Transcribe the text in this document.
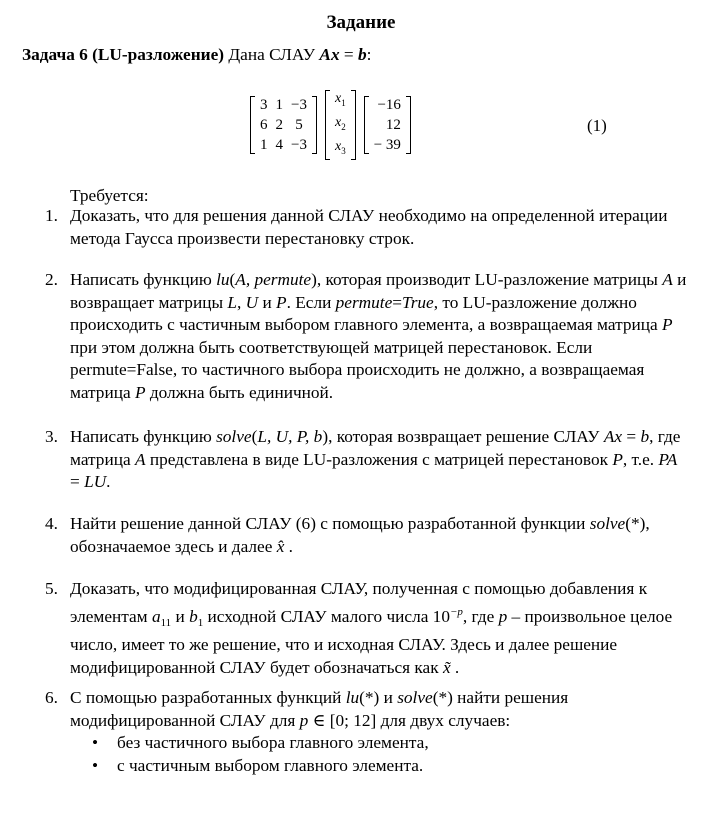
Задание
Задача 6 (LU-разложение) Дана СЛАУ Ax = b:
3	1	−3
6	2	5
1	4	−3
$x_1$
$x_2$
$x_3$
−16
12
− 39
(1)
Требуется:
1. Доказать, что для решения данной СЛАУ необходимо на определенной итерации метода Гаусса произвести перестановку строк.
2. Написать функцию lu(A, permute), которая производит LU-разложение матрицы A и возвращает матрицы L, U и P. Если permute=True, то LU-разложение должно происходить с частичным выбором главного элемента, а возвращаемая матрица P при этом должна быть соответствующей матрицей перестановок. Если permute=False, то частичного выбора происходить не должно, а возвращаемая матрица P должна быть единичной.
3. Написать функцию solve(L, U, P, b), которая возвращает решение СЛАУ Ax = b, где матрица A представлена в виде LU-разложения с матрицей перестановок P, т.е. PA = LU.
4. Найти решение данной СЛАУ (6) с помощью разработанной функции solve(*), обозначаемое здесь и далее x̂ .
5. Доказать, что модифицированная СЛАУ, полученная с помощью добавления к элементам $a_{11}$ и $b_1$ исходной СЛАУ малого числа $10^{-p}$, где p – произвольное целое число, имеет то же решение, что и исходная СЛАУ. Здесь и далее решение модифицированной СЛАУ будет обозначаться как x̃ .
6. С помощью разработанных функций lu(*) и solve(*) найти решения модифицированной СЛАУ для p ∈ [0; 12] для двух случаев:
• без частичного выбора главного элемента,
• с частичным выбором главного элемента.
